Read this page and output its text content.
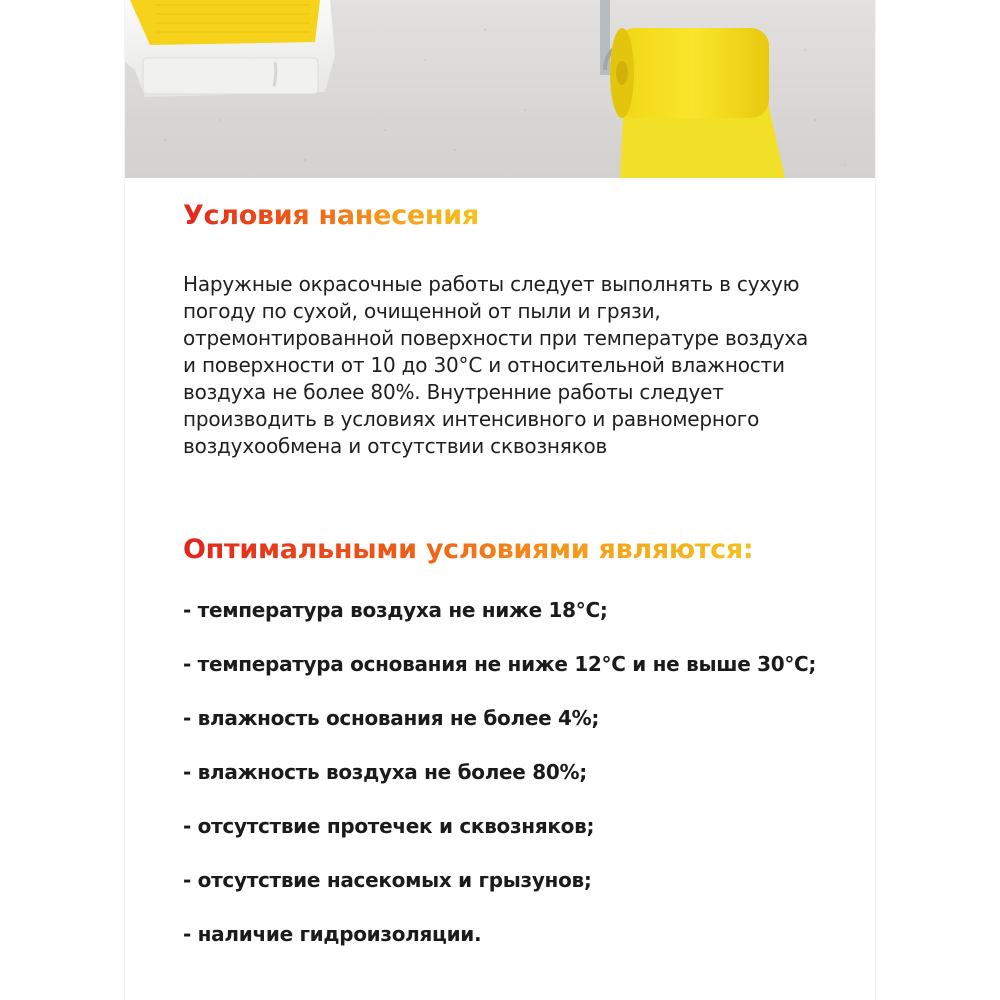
Условия нанесения

Наружные окрасочные работы следует выполнять в сухую погоду по сухой, очищенной от пыли и грязи, отремонтированной поверхности при температуре воздуха и поверхности от 10 до 30°С и относительной влажности воздуха не более 80%. Внутренние работы следует производить в условиях интенсивного и равномерного воздухообмена и отсутствии сквозняков

Оптимальными условиями являются:
- температура воздуха не ниже 18°С;
- температура основания не ниже 12°С и не выше 30°С;
- влажность основания не более 4%;
- влажность воздуха не более 80%;
- отсутствие протечек и сквозняков;
- отсутствие насекомых и грызунов;
- наличие гидроизоляции.
